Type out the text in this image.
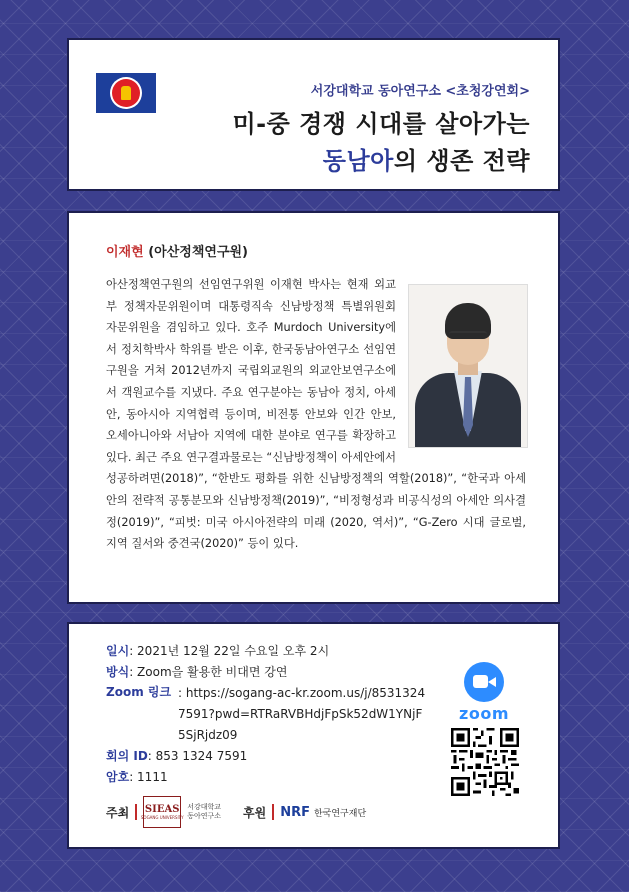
서강대학교 동아연구소 <초청강연회>
미-중 경쟁 시대를 살아가는
동남아의 생존 전략
이재현 (아산정책연구원)
아산정책연구원의 선임연구위원 이재현 박사는 현재 외교부 정책자문위원이며 대통령직속 신남방정책 특별위원회 자문위원을 겸임하고 있다. 호주 Murdoch University에서 정치학박사 학위를 받은 이후, 한국동남아연구소 선임연구원을 거쳐 2012년까지 국립외교원의 외교안보연구소에서 객원교수를 지냈다. 주요 연구분야는 동남아 정치, 아세안, 동아시아 지역협력 등이며, 비전통 안보와 인간 안보, 오세아니아와 서남아 지역에 대한 분야로 연구를 확장하고 있다. 최근 주요 연구결과물로는 “신남방정책이 아세안에서 성공하려면(2018)”, “한반도 평화를 위한 신남방정책의 역할(2018)”, “한국과 아세안의 전략적 공통분모와 신남방정책(2019)”, “비정형성과 비공식성의 아세안 의사결정(2019)”, “피벗: 미국 아시아전략의 미래 (2020, 역서)”, “G-Zero 시대 글로벌, 지역 질서와 중견국(2020)” 등이 있다.
일시: 2021년 12월 22일 수요일 오후 2시
방식: Zoom을 활용한 비대면 강연
Zoom 링크 : https://sogang-ac-kr.zoom.us/j/8531324
7591?pwd=RTRaRVBHdjFpSk52dW1YNjF
5SjRjdz09
회의 ID: 853 1324 7591
암호: 1111
zoom
주최 SIEAS
SOGANG UNIVERSITY
서강대학교
동아연구소 후원 NRF 한국연구재단
